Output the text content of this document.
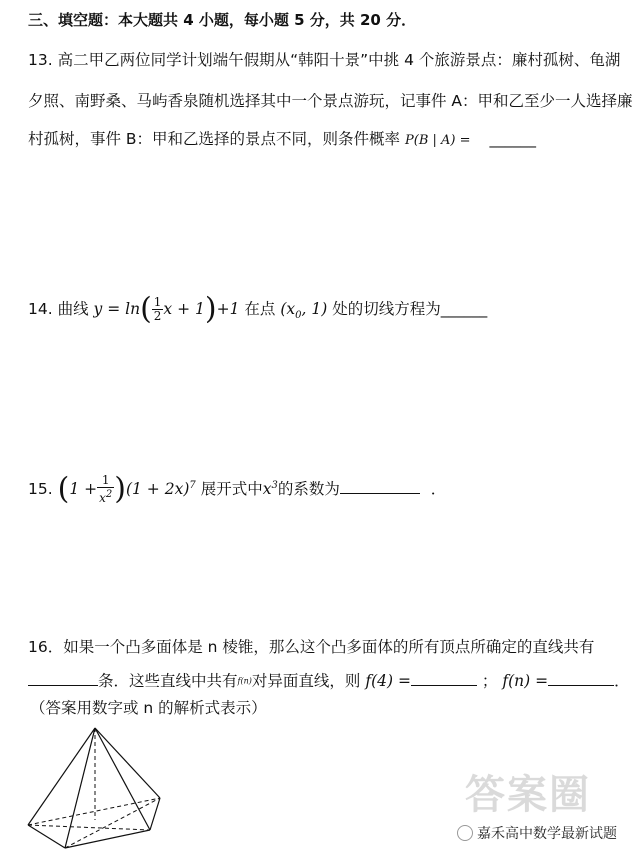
三、填空题：本大题共 4 小题，每小题 5 分，共 20 分．
13. 高二甲乙两位同学计划端午假期从“韩阳十景”中挑 4 个旅游景点：廉村孤树、龟湖
夕照、南野桑、马屿香泉随机选择其中一个景点游玩，记事件 A：甲和乙至少一人选择廉
村孤树，事件 B：甲和乙选择的景点不同，则条件概率 P(B | A) = ______
14. 曲线 $y = \ln( \frac{1}{2}$ x + 1)+1 在点 ($x_0$, 1) 处的切线方程为______
15. $(1 + \frac{1}{x^2} )(1 + 2x)^7$ 展开式中$x^3$的系数为	．
16．如果一个凸多面体是 n 棱锥，那么这个凸多面体的所有顶点所确定的直线共有
条．这些直线中共有f(n)对异面直线，则 f(4) =	； f(n) =	．
（答案用数字或 n 的解析式表示）
答案圈
嘉禾高中数学最新试题
